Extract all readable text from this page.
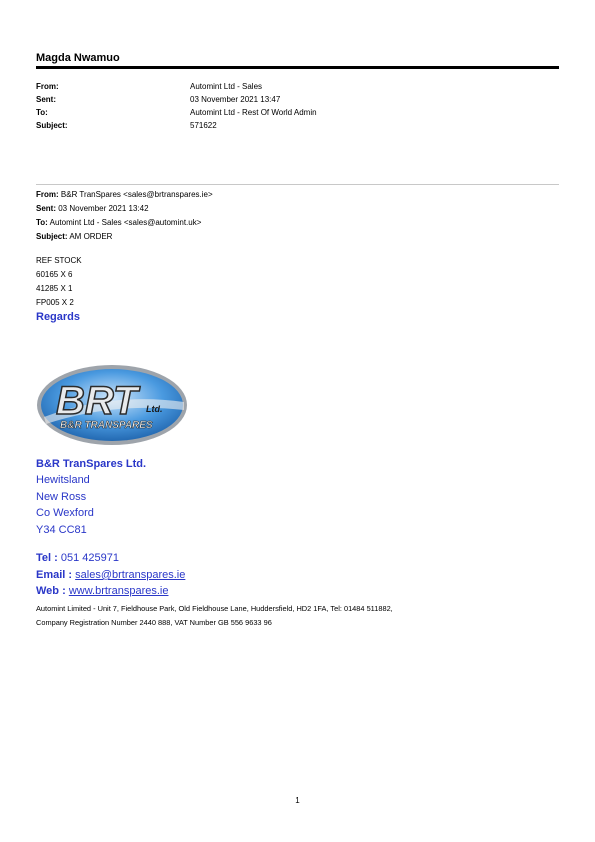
Magda Nwamuo
From:	Automint Ltd - Sales
Sent:	03 November 2021 13:47
To:	Automint Ltd - Rest Of World Admin
Subject:	571622
From: B&R TranSpares <sales@brtranspares.ie>
Sent: 03 November 2021 13:42
To: Automint Ltd - Sales <sales@automint.uk>
Subject: AM ORDER
REF STOCK
60165 X 6
41285 X 1
FP005 X 2
Regards
BRT Ltd.
B&R TRANSPARES
B&R TranSpares Ltd.
Hewitsland
New Ross
Co Wexford
Y34 CC81
Tel : 051 425971
Email : sales@brtranspares.ie
Web : www.brtranspares.ie
Automint Limited - Unit 7, Fieldhouse Park, Old Fieldhouse Lane, Huddersfield, HD2 1FA, Tel: 01484 511882,
Company Registration Number 2440 888, VAT Number GB 556 9633 96
1
